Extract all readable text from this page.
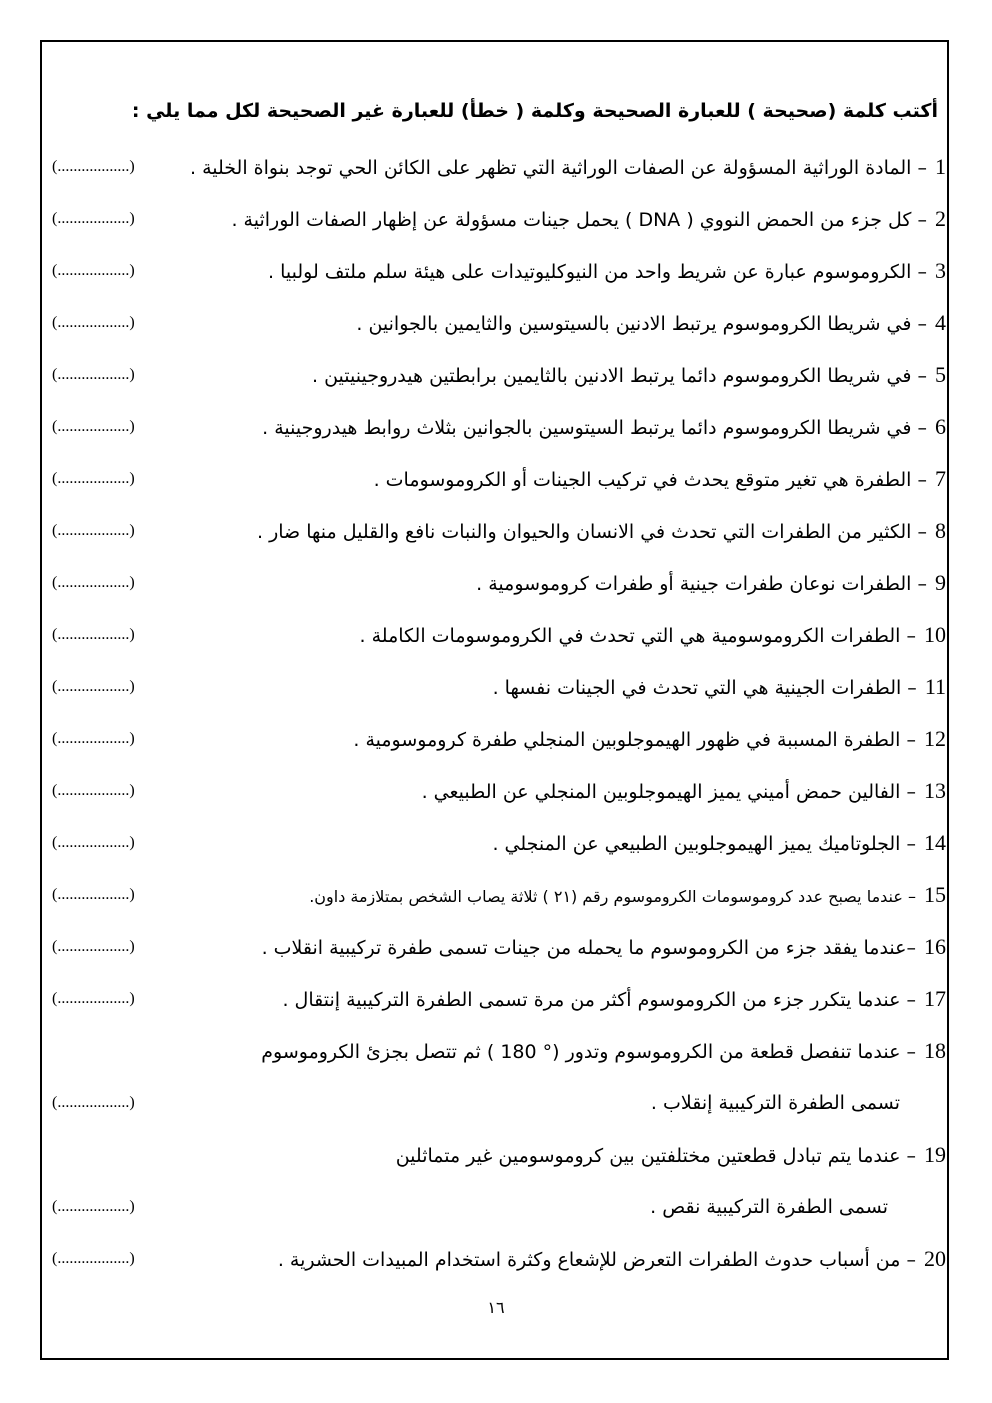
أكتب كلمة (صحيحة ) للعبارة الصحيحة وكلمة ( خطأ) للعبارة غير الصحيحة لكل مما يلي :
1– المادة الوراثية المسؤولة عن الصفات الوراثية التي تظهر على الكائن الحي توجد بنواة الخلية .
(..................)
2– كل جزء من الحمض النووي ( DNA ) يحمل جينات مسؤولة عن إظهار الصفات الوراثية .
(..................)
3– الكروموسوم عبارة عن شريط واحد من النيوكليوتيدات على هيئة سلم ملتف لولبيا .
(..................)
4– في شريطا الكروموسوم يرتبط الادنين بالسيتوسين والثايمين بالجوانين .
(..................)
5– في شريطا الكروموسوم دائما يرتبط الادنين بالثايمين برابطتين هيدروجينيتين .
(..................)
6– في شريطا الكروموسوم دائما يرتبط السيتوسين بالجوانين بثلاث روابط هيدروجينية .
(..................)
7– الطفرة هي تغير متوقع يحدث في تركيب الجينات أو الكروموسومات .
(..................)
8– الكثير من الطفرات التي تحدث في الانسان والحيوان والنبات نافع والقليل منها ضار .
(..................)
9– الطفرات نوعان طفرات جينية أو طفرات كروموسومية .
(..................)
10– الطفرات الكروموسومية هي التي تحدث في الكروموسومات الكاملة .
(..................)
11– الطفرات الجينية هي التي تحدث في الجينات نفسها .
(..................)
12– الطفرة المسببة في ظهور الهيموجلوبين المنجلي طفرة كروموسومية .
(..................)
13– الفالين حمض أميني يميز الهيموجلوبين المنجلي عن الطبيعي .
(..................)
14– الجلوتاميك يميز الهيموجلوبين الطبيعي عن المنجلي .
(..................)
15– عندما يصبح عدد كروموسومات الكروموسوم رقم (٢١ ) ثلاثة يصاب الشخص بمتلازمة داون.
(..................)
16–عندما يفقد جزء من الكروموسوم ما يحمله من جينات تسمى طفرة تركيبية انقلاب .
(..................)
17– عندما يتكرر جزء من الكروموسوم أكثر من مرة تسمى الطفرة التركيبية إنتقال .
(..................)
18– عندما تنفصل قطعة من الكروموسوم وتدور (° 180 ) ثم تتصل بجزئ الكروموسوم
تسمى الطفرة التركيبية إنقلاب .
(..................)
19– عندما يتم تبادل قطعتين مختلفتين بين كروموسومين غير متماثلين
تسمى الطفرة التركيبية نقص .
(..................)
20– من أسباب حدوث الطفرات التعرض للإشعاع وكثرة استخدام المبيدات الحشرية .
(..................)
١٦
